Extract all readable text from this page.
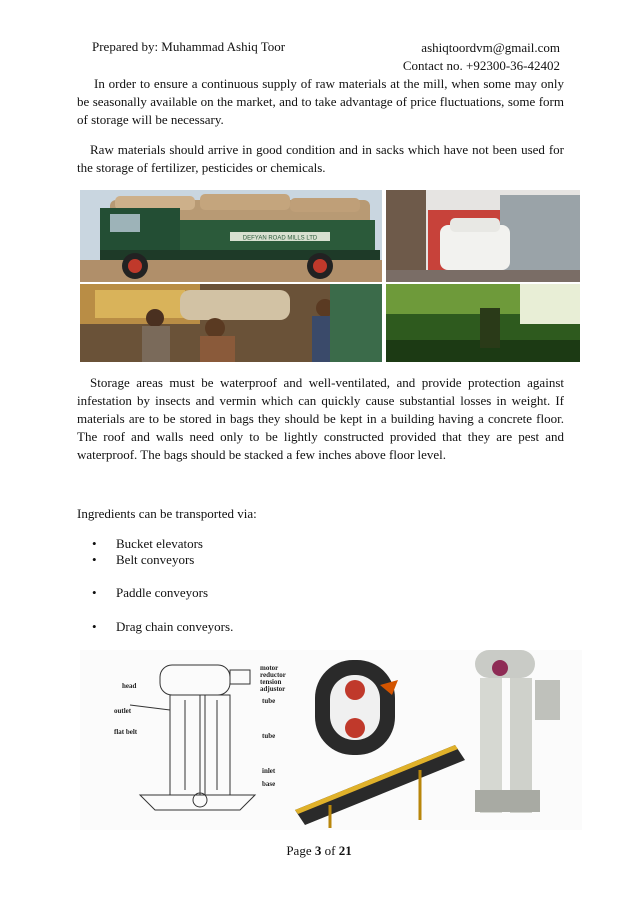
Prepared by: Muhammad Ashiq Toor	ashiqtoordvm@gmail.com
Contact no. +92300-36-42402
In order to ensure a continuous supply of raw materials at the mill, when some may only be seasonally available on the market, and to take advantage of price fluctuations, some form of storage will be necessary.
Raw materials should arrive in good condition and in sacks which have not been used for the storage of fertilizer, pesticides or chemicals.
DEFYAN ROAD MILLS LTD
Storage areas must be waterproof and well-ventilated, and provide protection against infestation by insects and vermin which can quickly cause substantial losses in weight. If materials are to be stored in bags they should be kept in a building having a concrete floor. The roof and walls need only to be lightly constructed provided that they are pest and waterproof. The bags should be stacked a few inches above floor level.
Ingredients can be transported via:
• Bucket elevators
• Belt conveyors
• Paddle conveyors
• Drag chain conveyors.
head
motor
reductor
tension
adjustor
tube
outlet
flat belt	tube
inlet
base
Page 3 of 21
